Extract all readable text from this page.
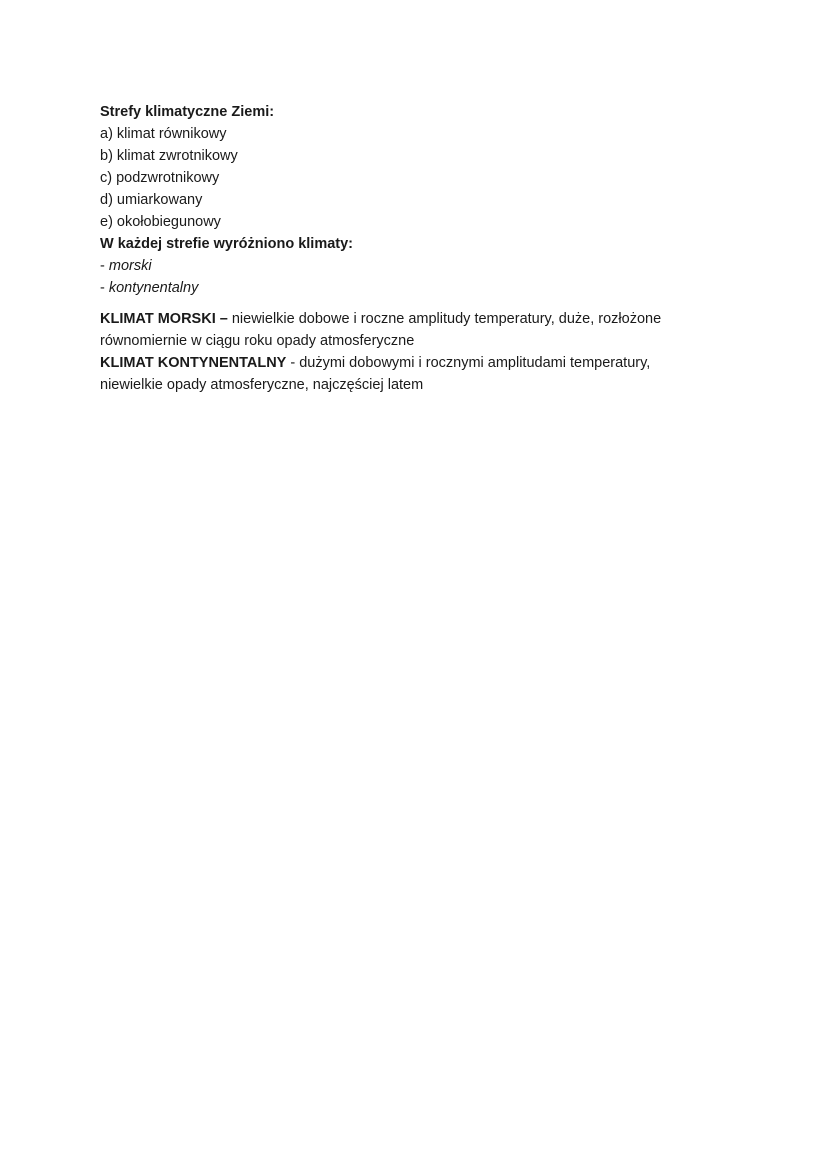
Strefy klimatyczne Ziemi:
a) klimat równikowy
b) klimat zwrotnikowy
c) podzwrotnikowy
d) umiarkowany
e) okołobiegunowy
W każdej strefie wyróżniono klimaty:
- morski
- kontynentalny
KLIMAT MORSKI – niewielkie dobowe i roczne amplitudy temperatury, duże, rozłożone
równomiernie w ciągu roku opady atmosferyczne
KLIMAT KONTYNENTALNY - dużymi dobowymi i rocznymi amplitudami temperatury,
niewielkie opady atmosferyczne, najczęściej latem
